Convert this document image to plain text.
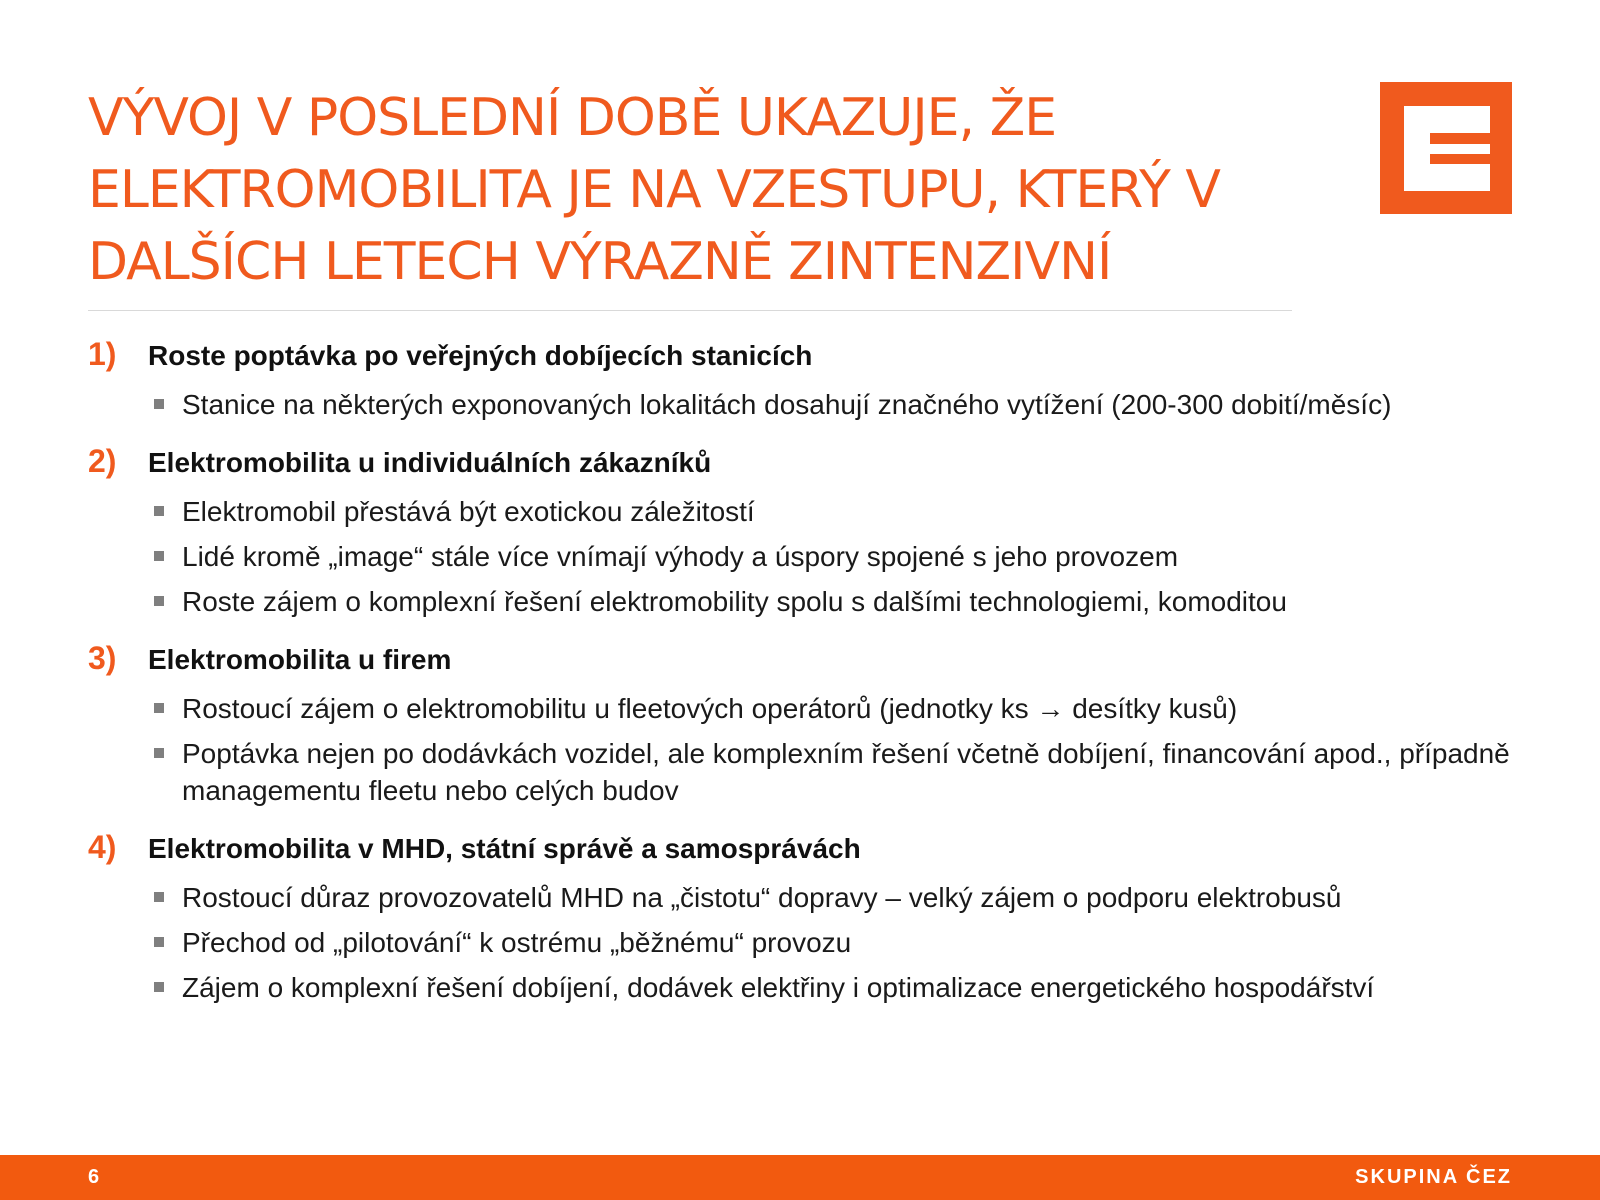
VÝVOJ V POSLEDNÍ DOBĚ UKAZUJE, ŽE
ELEKTROMOBILITA JE NA VZESTUPU, KTERÝ V
DALŠÍCH LETECH VÝRAZNĚ ZINTENZIVNÍ
1)	Roste poptávka po veřejných dobíjecích stanicích
Stanice na některých exponovaných lokalitách dosahují značného vytížení (200-300 dobití/měsíc)
2)	Elektromobilita u individuálních zákazníků
Elektromobil přestává být exotickou záležitostí
Lidé kromě „image“ stále více vnímají výhody a úspory spojené s jeho provozem
Roste zájem o komplexní řešení elektromobility spolu s dalšími technologiemi, komoditou
3)	Elektromobilita u firem
Rostoucí zájem o elektromobilitu u fleetových operátorů (jednotky ks → desítky kusů)
Poptávka nejen po dodávkách vozidel, ale komplexním řešení včetně dobíjení, financování apod., případně managementu fleetu nebo celých budov
4)	Elektromobilita v MHD, státní správě a samosprávách
Rostoucí důraz provozovatelů MHD na „čistotu“ dopravy – velký zájem o podporu elektrobusů
Přechod od „pilotování“ k ostrému „běžnému“ provozu
Zájem o komplexní řešení dobíjení, dodávek elektřiny i optimalizace energetického hospodářství
6	SKUPINA ČEZ
